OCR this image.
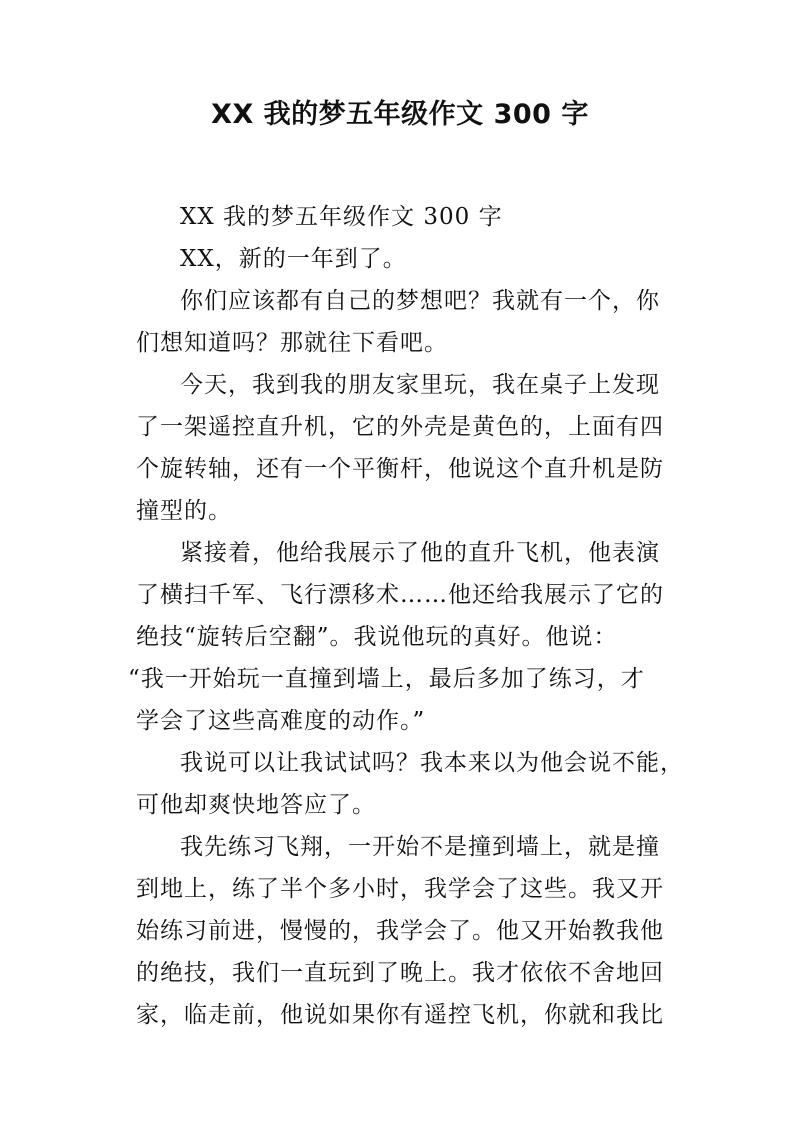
XX 我的梦五年级作文 300 字
XX 我的梦五年级作文 300 字
XX，新的一年到了。
你们应该都有自己的梦想吧？我就有一个，你
们想知道吗？那就往下看吧。
今天，我到我的朋友家里玩，我在桌子上发现
了一架遥控直升机，它的外壳是黄色的，上面有四
个旋转轴，还有一个平衡杆，他说这个直升机是防
撞型的。
紧接着，他给我展示了他的直升飞机，他表演
了横扫千军、飞行漂移术……他还给我展示了它的
绝技“旋转后空翻”。我说他玩的真好。他说：
“我一开始玩一直撞到墙上，最后多加了练习，才
学会了这些高难度的动作。”
我说可以让我试试吗？我本来以为他会说不能，
可他却爽快地答应了。
我先练习飞翔，一开始不是撞到墙上，就是撞
到地上，练了半个多小时，我学会了这些。我又开
始练习前进，慢慢的，我学会了。他又开始教我他
的绝技，我们一直玩到了晚上。我才依依不舍地回
家，临走前，他说如果你有遥控飞机，你就和我比
